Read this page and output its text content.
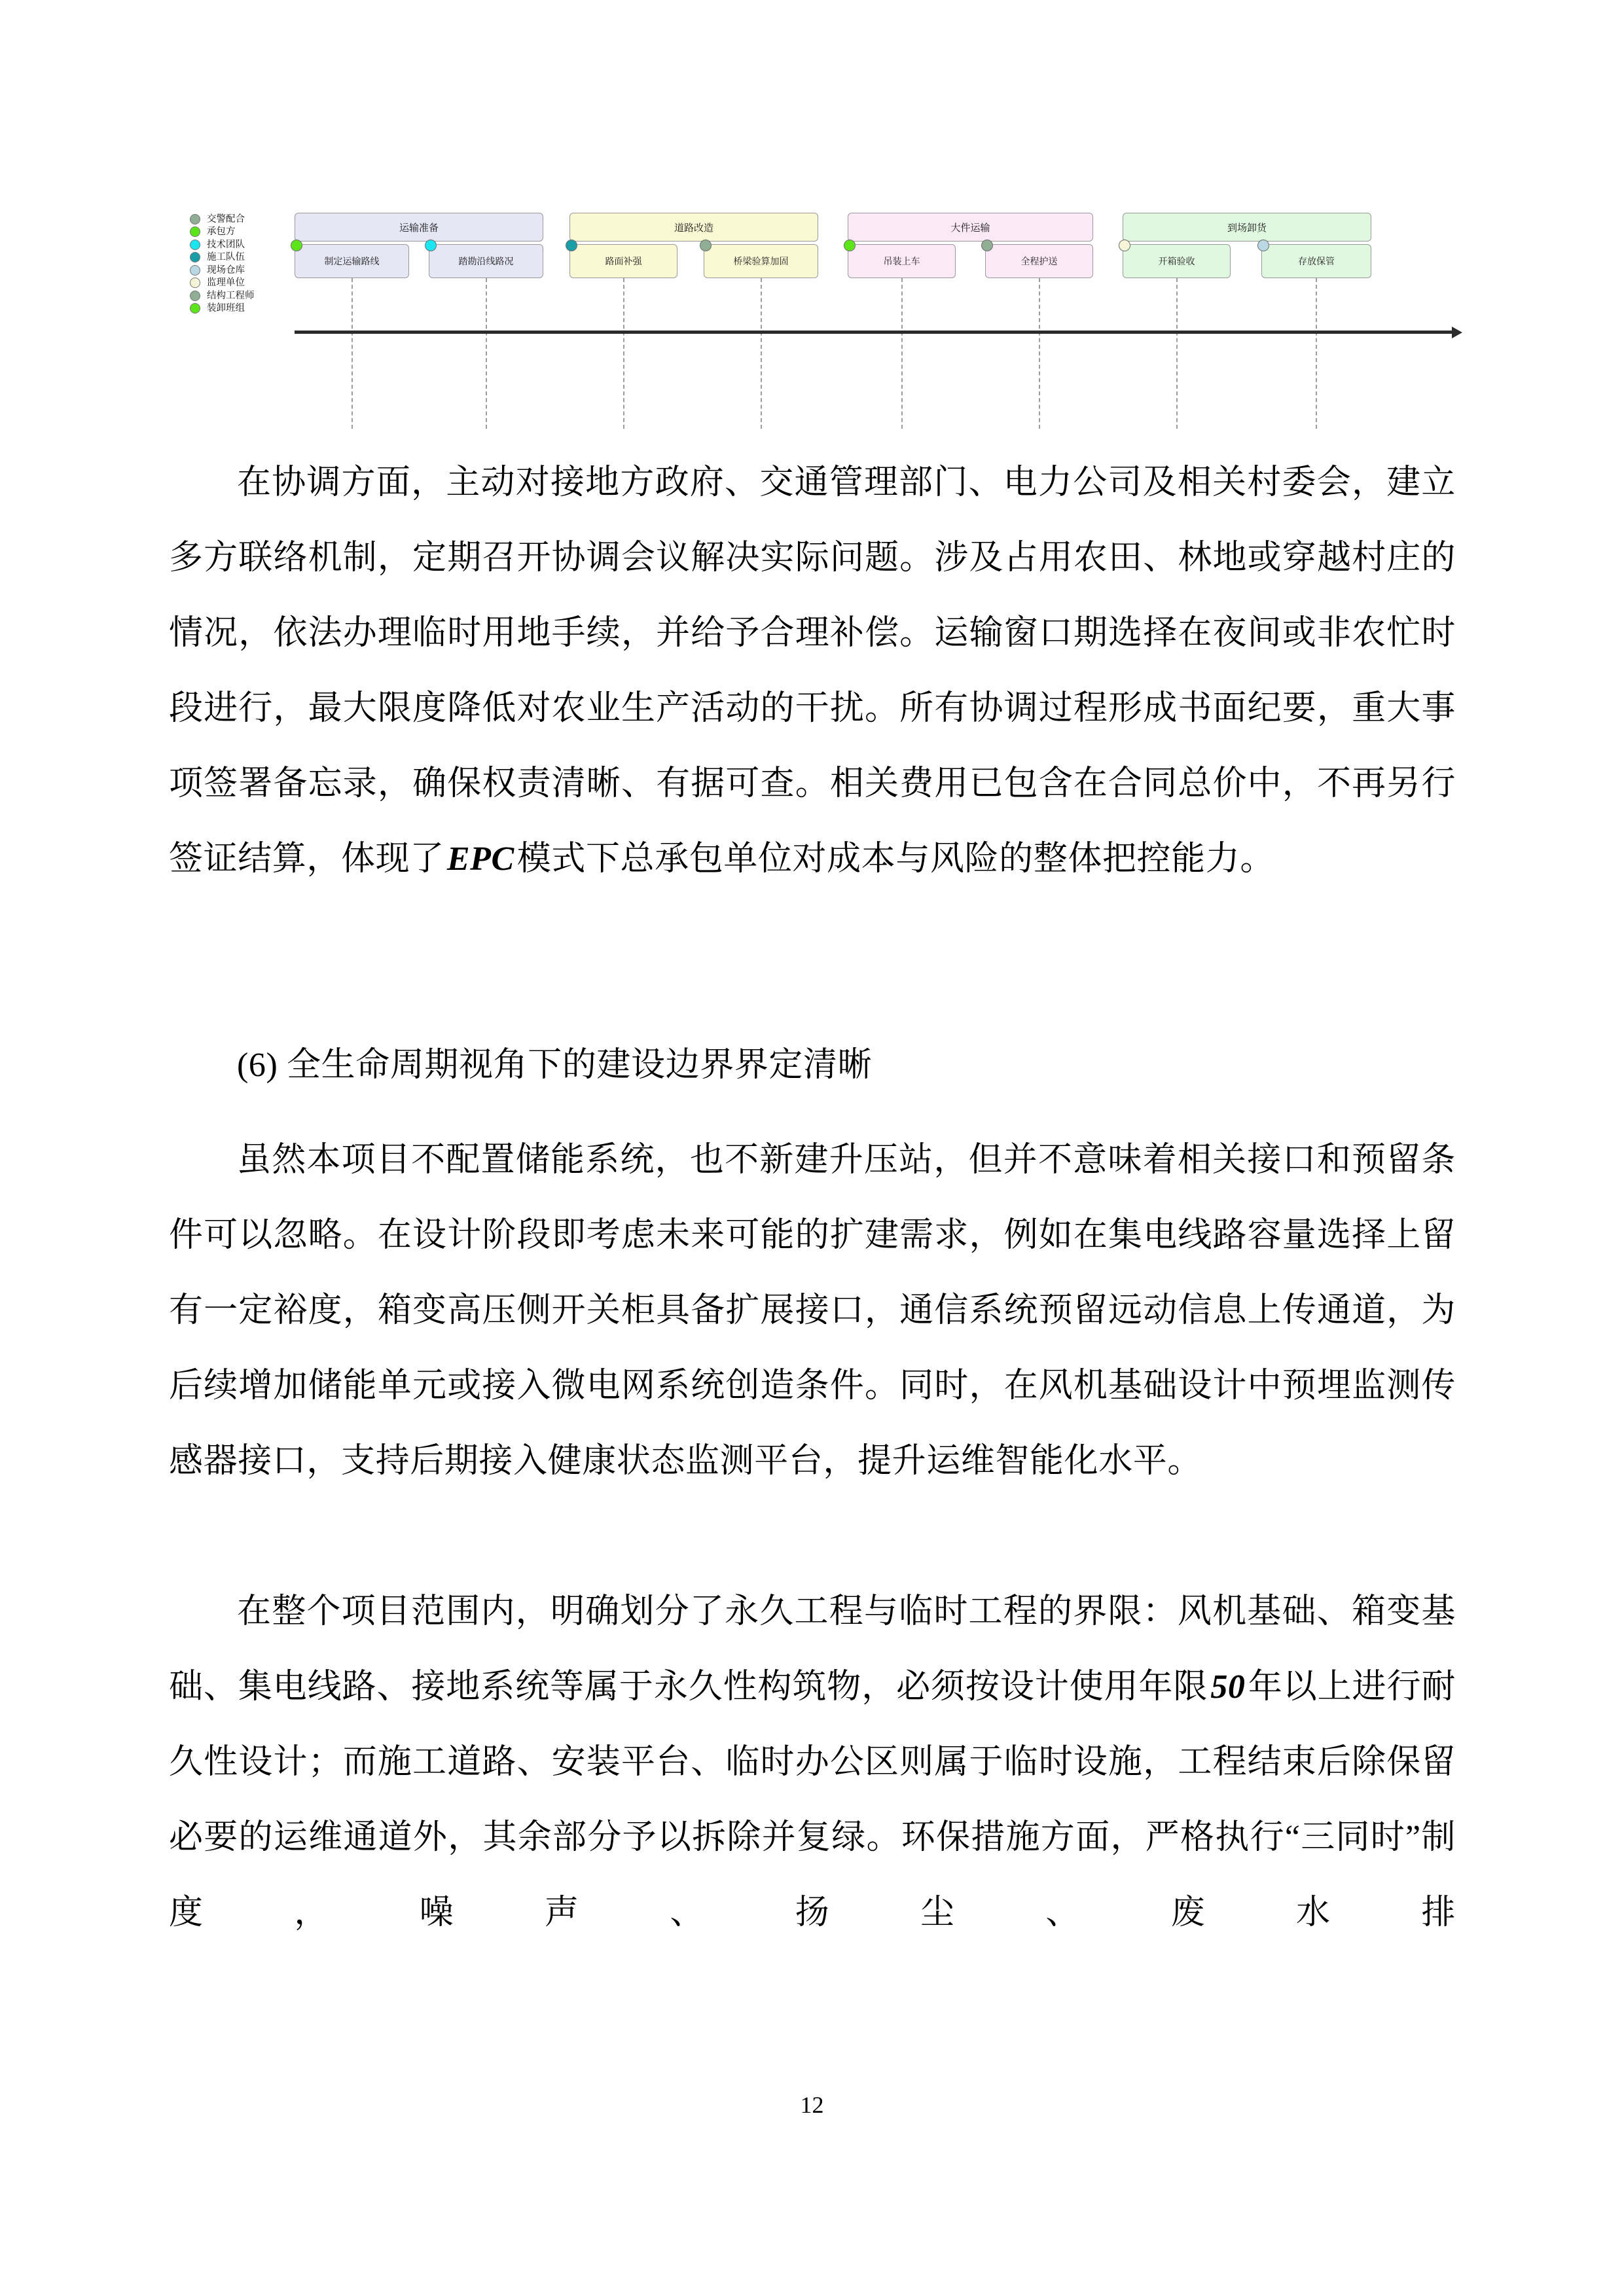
交警配合
承包方
技术团队
施工队伍
现场仓库
监理单位
结构工程师
装卸班组
运输准备
制定运输路线	踏勘沿线路况
道路改造
路面补强	桥梁验算加固
大件运输
吊装上车	全程护送
到场卸货
开箱验收	存放保管

在协调方面，主动对接地方政府、交通管理部门、电力公司及相关村委会，建立多方联络机制，定期召开协调会议解决实际问题。涉及占用农田、林地或穿越村庄的情况，依法办理临时用地手续，并给予合理补偿。运输窗口期选择在夜间或非农忙时段进行，最大限度降低对农业生产活动的干扰。所有协调过程形成书面纪要，重大事项签署备忘录，确保权责清晰、有据可查。相关费用已包含在合同总价中，不再另行签证结算，体现了EPC模式下总承包单位对成本与风险的整体把控能力。

(6) 全生命周期视角下的建设边界界定清晰

虽然本项目不配置储能系统，也不新建升压站，但并不意味着相关接口和预留条件可以忽略。在设计阶段即考虑未来可能的扩建需求，例如在集电线路容量选择上留有一定裕度，箱变高压侧开关柜具备扩展接口，通信系统预留远动信息上传通道，为后续增加储能单元或接入微电网系统创造条件。同时，在风机基础设计中预埋监测传感器接口，支持后期接入健康状态监测平台，提升运维智能化水平。

在整个项目范围内，明确划分了永久工程与临时工程的界限：风机基础、箱变基础、集电线路、接地系统等属于永久性构筑物，必须按设计使用年限50年以上进行耐久性设计；而施工道路、安装平台、临时办公区则属于临时设施，工程结束后除保留必要的运维通道外，其余部分予以拆除并复绿。环保措施方面，严格执行“三同时”制度，噪声、扬尘、废水排

12
